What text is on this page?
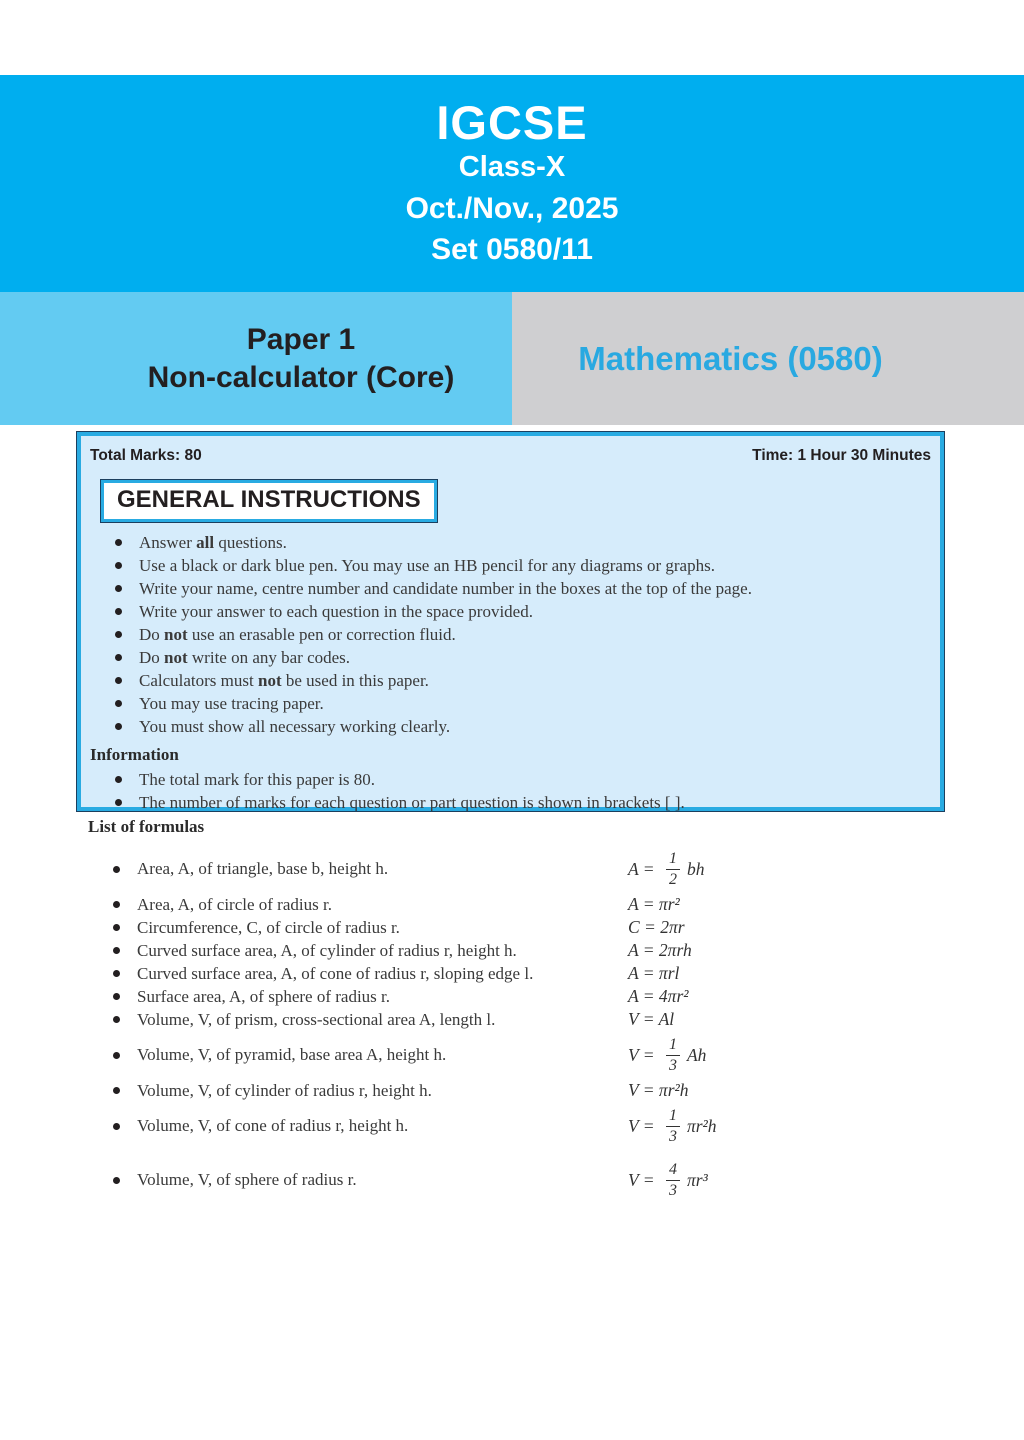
IGCSE
Class-X
Oct./Nov., 2025
Set 0580/11
Paper 1
Non-calculator (Core)
Mathematics (0580)
Total Marks: 80	Time: 1 Hour 30 Minutes
GENERAL INSTRUCTIONS
Answer all questions.
Use a black or dark blue pen. You may use an HB pencil for any diagrams or graphs.
Write your name, centre number and candidate number in the boxes at the top of the page.
Write your answer to each question in the space provided.
Do not use an erasable pen or correction fluid.
Do not write on any bar codes.
Calculators must not be used in this paper.
You may use tracing paper.
You must show all necessary working clearly.
Information
The total mark for this paper is 80.
The number of marks for each question or part question is shown in brackets [ ].
List of formulas
Area, A, of triangle, base b, height h.	$A = \frac{1}{2}$ bh
Area, A, of circle of radius r.	A = πr²
Circumference, C, of circle of radius r.	C = 2πr
Curved surface area, A, of cylinder of radius r, height h.	A = 2πrh
Curved surface area, A, of cone of radius r, sloping edge l.	A = πrl
Surface area, A, of sphere of radius r.	A = 4πr²
Volume, V, of prism, cross-sectional area A, length l.	V = Al
Volume, V, of pyramid, base area A, height h.	$V = \frac{1}{3}$ Ah
Volume, V, of cylinder of radius r, height h.	V = πr²h
Volume, V, of cone of radius r, height h.	$V = \frac{1}{3} \pi r^2h$
Volume, V, of sphere of radius r.	$V = \frac{4}{3} \pi r^3$
